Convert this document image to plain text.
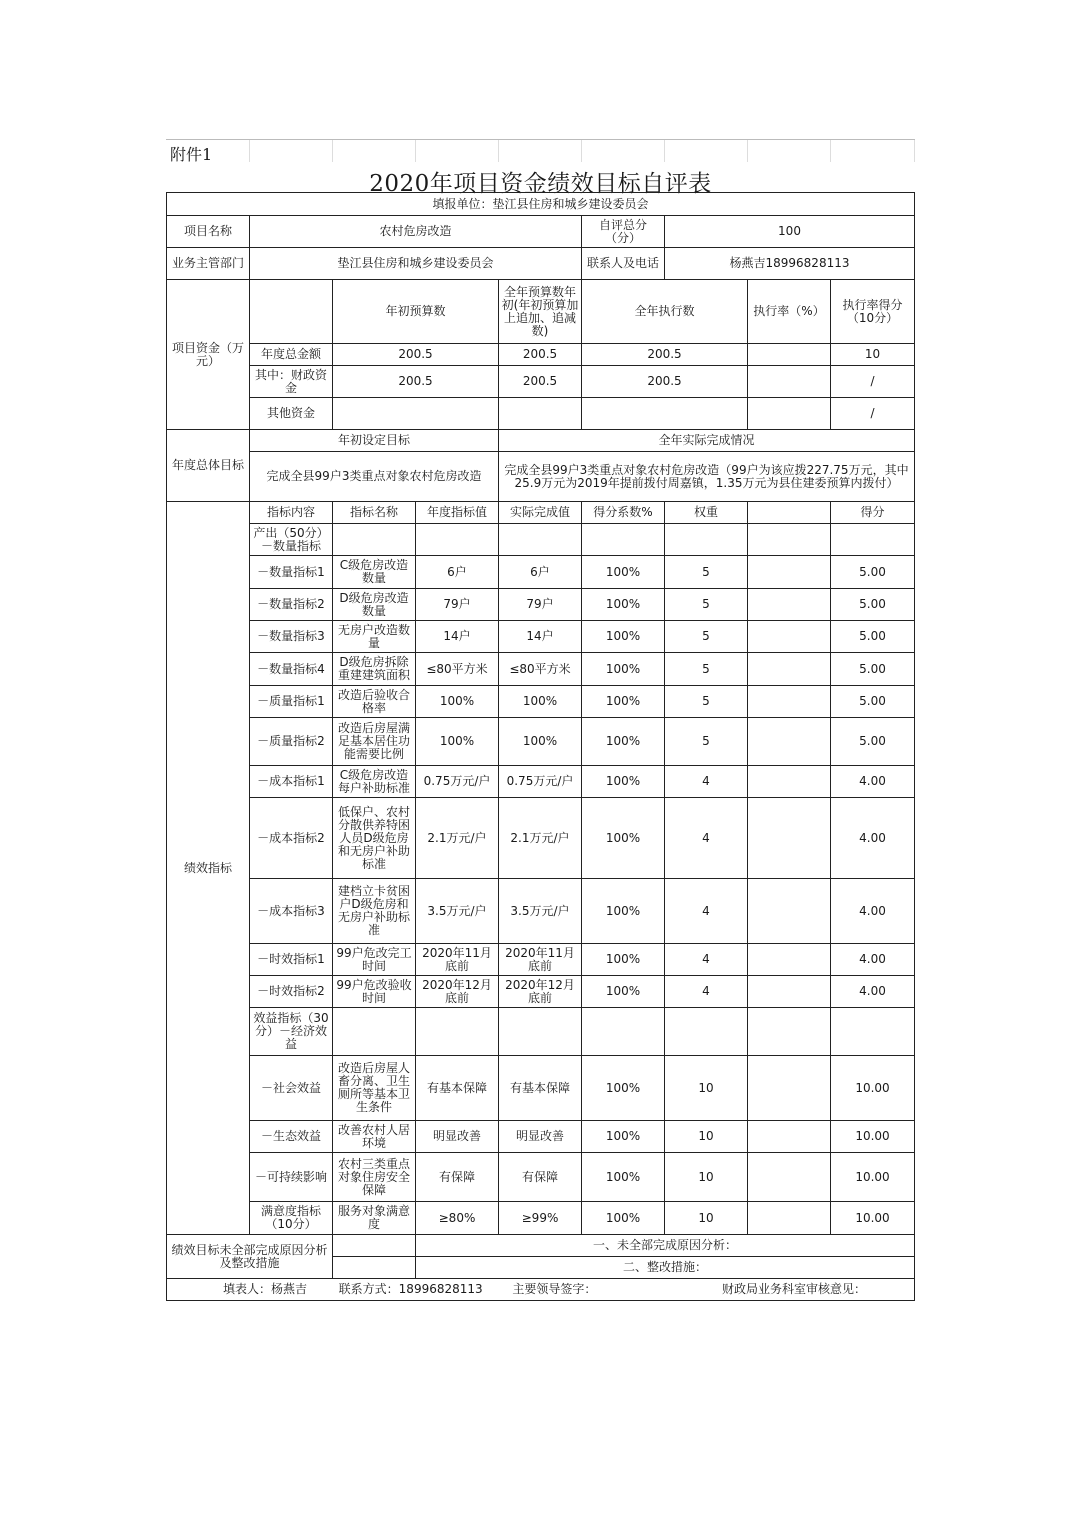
附件1
2020年项目资金绩效目标自评表
填报单位：垫江县住房和城乡建设委员会								
项目名称	农村危房改造				自评总分（分）	100		
业务主管部门	垫江县住房和城乡建设委员会				联系人及电话	杨燕吉18996828113		
项目资金（万元）		年初预算数		全年预算数年初(年初预算加上追加、追减数)	全年执行数		执行率（%）	执行率得分（10分）
	年度总金额	200.5		200.5	200.5			10
	其中：财政资金	200.5		200.5	200.5			/
	其他资金							/
年度总体目标	年初设定目标			全年实际完成情况				
	完成全县99户3类重点对象农村危房改造			完成全县99户3类重点对象农村危房改造（99户为该应拨227.75万元，其中25.9万元为2019年提前拨付周嘉镇，1.35万元为县住建委预算内拨付）				
绩效指标	指标内容	指标名称	年度指标值	实际完成值	得分系数%	权重		得分
	产出（50分）－数量指标							
	－数量指标1	C级危房改造数量	6户	6户	100%	5		5.00
	－数量指标2	D级危房改造数量	79户	79户	100%	5		5.00
	－数量指标3	无房户改造数量	14户	14户	100%	5		5.00
	－数量指标4	D级危房拆除重建建筑面积	≤80平方米	≤80平方米	100%	5		5.00
	－质量指标1	改造后验收合格率	100%	100%	100%	5		5.00
	－质量指标2	改造后房屋满足基本居住功能需要比例	100%	100%	100%	5		5.00
	－成本指标1	C级危房改造每户补助标准	0.75万元/户	0.75万元/户	100%	4		4.00
	－成本指标2	低保户、农村分散供养特困人员D级危房和无房户补助标准	2.1万元/户	2.1万元/户	100%	4		4.00
	－成本指标3	建档立卡贫困户D级危房和无房户补助标准	3.5万元/户	3.5万元/户	100%	4		4.00
	－时效指标1	99户危改完工时间	2020年11月底前	2020年11月底前	100%	4		4.00
	－时效指标2	99户危改验收时间	2020年12月底前	2020年12月底前	100%	4		4.00
	效益指标（30分）－经济效益							
	－社会效益	改造后房屋人畜分离、卫生厕所等基本卫生条件	有基本保障	有基本保障	100%	10		10.00
	－生态效益	改善农村人居环境	明显改善	明显改善	100%	10		10.00
	－可持续影响	农村三类重点对象住房安全保障	有保障	有保障	100%	10		10.00
	满意度指标（10分）	服务对象满意度	≥80%	≥99%	100%	10		10.00
绩效目标未全部完成原因分析及整改措施			一、未全部完成原因分析：					
			二、整改措施：					
填表人：杨燕吉 联系方式：18996828113 主要领导签字： 财政局业务科室审核意见：								
